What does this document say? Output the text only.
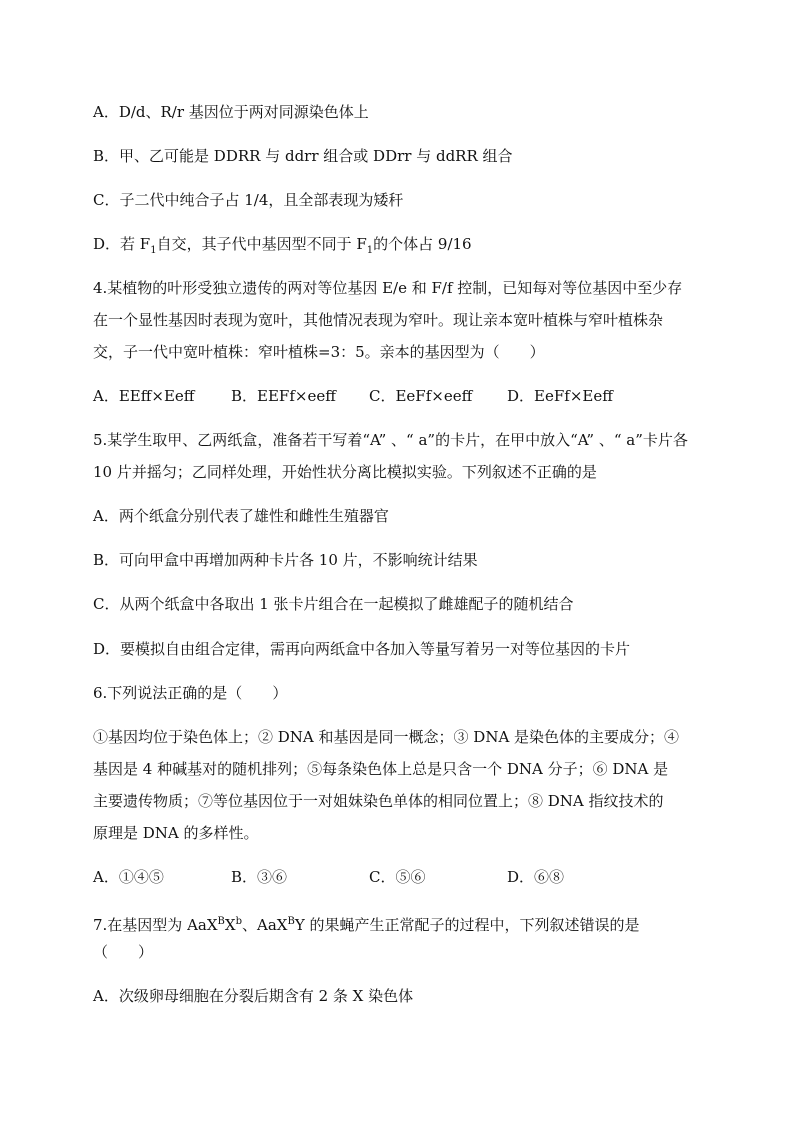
A．D/d、R/r 基因位于两对同源染色体上
B．甲、乙可能是 DDRR 与 ddrr 组合或 DDrr 与 ddRR 组合
C．子二代中纯合子占 1/4，且全部表现为矮秆
D．若 $F_1$自交，其子代中基因型不同于 $F_1$的个体占 9/16
4.某植物的叶形受独立遗传的两对等位基因 E/e 和 F/f 控制，已知每对等位基因中至少存
在一个显性基因时表现为宽叶，其他情况表现为窄叶。现让亲本宽叶植株与窄叶植株杂
交，子一代中宽叶植株：窄叶植株=3：5。亲本的基因型为（　　）
A．EEff×Eeff B．EEFf×eeff C．EeFf×eeff D．EeFf×Eeff
5.某学生取甲、乙两纸盒，准备若干写着“A” 、“ a”的卡片，在甲中放入“A” 、“ a”卡片各
10 片并摇匀；乙同样处理，开始性状分离比模拟实验。下列叙述不正确的是
A．两个纸盒分别代表了雄性和雌性生殖器官
B．可向甲盒中再增加两种卡片各 10 片，不影响统计结果
C．从两个纸盒中各取出 1 张卡片组合在一起模拟了雌雄配子的随机结合
D．要模拟自由组合定律，需再向两纸盒中各加入等量写着另一对等位基因的卡片
6.下列说法正确的是（　　）
①基因均位于染色体上；② DNA 和基因是同一概念；③ DNA 是染色体的主要成分；④
基因是 4 种碱基对的随机排列；⑤每条染色体上总是只含一个 DNA 分子；⑥ DNA 是
主要遗传物质；⑦等位基因位于一对姐妹染色单体的相同位置上；⑧ DNA 指纹技术的
原理是 DNA 的多样性。
A．①④⑤	B．③⑥	C．⑤⑥	D．⑥⑧
7.在基因型为 $AaX^BX^b$、AaX$^B$Y 的果蝇产生正常配子的过程中，下列叙述错误的是
（　　）
A．次级卵母细胞在分裂后期含有 2 条 X 染色体
